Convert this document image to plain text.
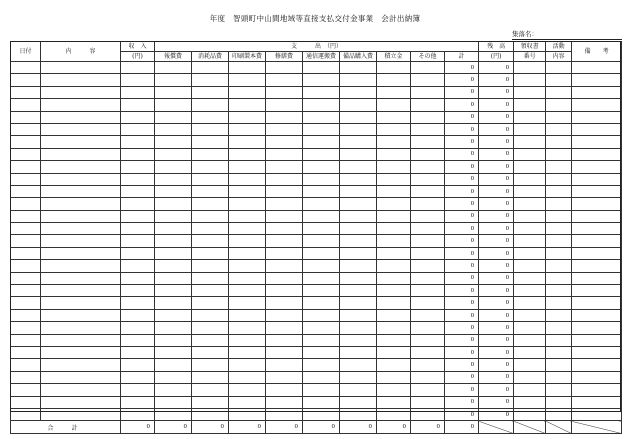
年度　智頭町中山間地域等直接支払交付金事業　会計出納簿
集落名：
日付	内　　　容	収　入	支　　　出　（円）									残　高	領収書	活動	備　　考
		(円)	報償費	消耗品費	印刷製本費	修繕費	通信運搬費	備品購入費	積立金	その他	計	(円)	番号	内容	
											0	0			
											0	0			
											0	0			
											0	0			
											0	0			
											0	0			
											0	0			
											0	0			
											0	0			
											0	0			
											0	0			
											0	0			
											0	0			
											0	0			
											0	0			
											0	0			
											0	0			
											0	0			
											0	0			
											0	0			
											0	0			
											0	0			
											0	0			
											0	0			
											0	0			
											0	0			
											0	0			
											0	0			
											0	0			
合　計		0	0	0	0	0	0	0	0	0	0				
